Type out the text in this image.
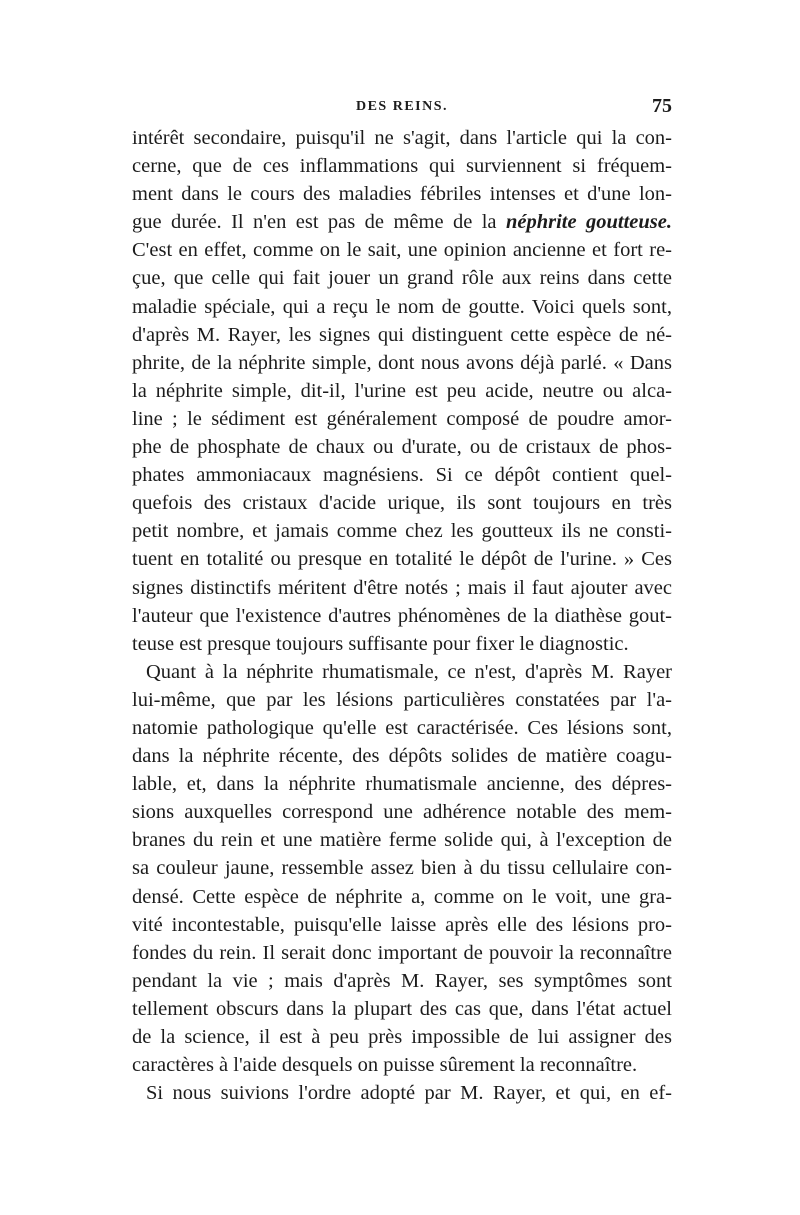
DES REINS.	75
intérêt secondaire, puisqu'il ne s'agit, dans l'article qui la con-
cerne, que de ces inflammations qui surviennent si fréquem-
ment dans le cours des maladies fébriles intenses et d'une lon-
gue durée. Il n'en est pas de même de la néphrite goutteuse.
C'est en effet, comme on le sait, une opinion ancienne et fort re-
çue, que celle qui fait jouer un grand rôle aux reins dans cette
maladie spéciale, qui a reçu le nom de goutte. Voici quels sont,
d'après M. Rayer, les signes qui distinguent cette espèce de né-
phrite, de la néphrite simple, dont nous avons déjà parlé. « Dans
la néphrite simple, dit-il, l'urine est peu acide, neutre ou alca-
line ; le sédiment est généralement composé de poudre amor-
phe de phosphate de chaux ou d'urate, ou de cristaux de phos-
phates ammoniacaux magnésiens. Si ce dépôt contient quel-
quefois des cristaux d'acide urique, ils sont toujours en très
petit nombre, et jamais comme chez les goutteux ils ne consti-
tuent en totalité ou presque en totalité le dépôt de l'urine. » Ces
signes distinctifs méritent d'être notés ; mais il faut ajouter avec
l'auteur que l'existence d'autres phénomènes de la diathèse gout-
teuse est presque toujours suffisante pour fixer le diagnostic.
Quant à la néphrite rhumatismale, ce n'est, d'après M. Rayer
lui-même, que par les lésions particulières constatées par l'a-
natomie pathologique qu'elle est caractérisée. Ces lésions sont,
dans la néphrite récente, des dépôts solides de matière coagu-
lable, et, dans la néphrite rhumatismale ancienne, des dépres-
sions auxquelles correspond une adhérence notable des mem-
branes du rein et une matière ferme solide qui, à l'exception de
sa couleur jaune, ressemble assez bien à du tissu cellulaire con-
densé. Cette espèce de néphrite a, comme on le voit, une gra-
vité incontestable, puisqu'elle laisse après elle des lésions pro-
fondes du rein. Il serait donc important de pouvoir la reconnaître
pendant la vie ; mais d'après M. Rayer, ses symptômes sont
tellement obscurs dans la plupart des cas que, dans l'état actuel
de la science, il est à peu près impossible de lui assigner des
caractères à l'aide desquels on puisse sûrement la reconnaître.
Si nous suivions l'ordre adopté par M. Rayer, et qui, en ef-
